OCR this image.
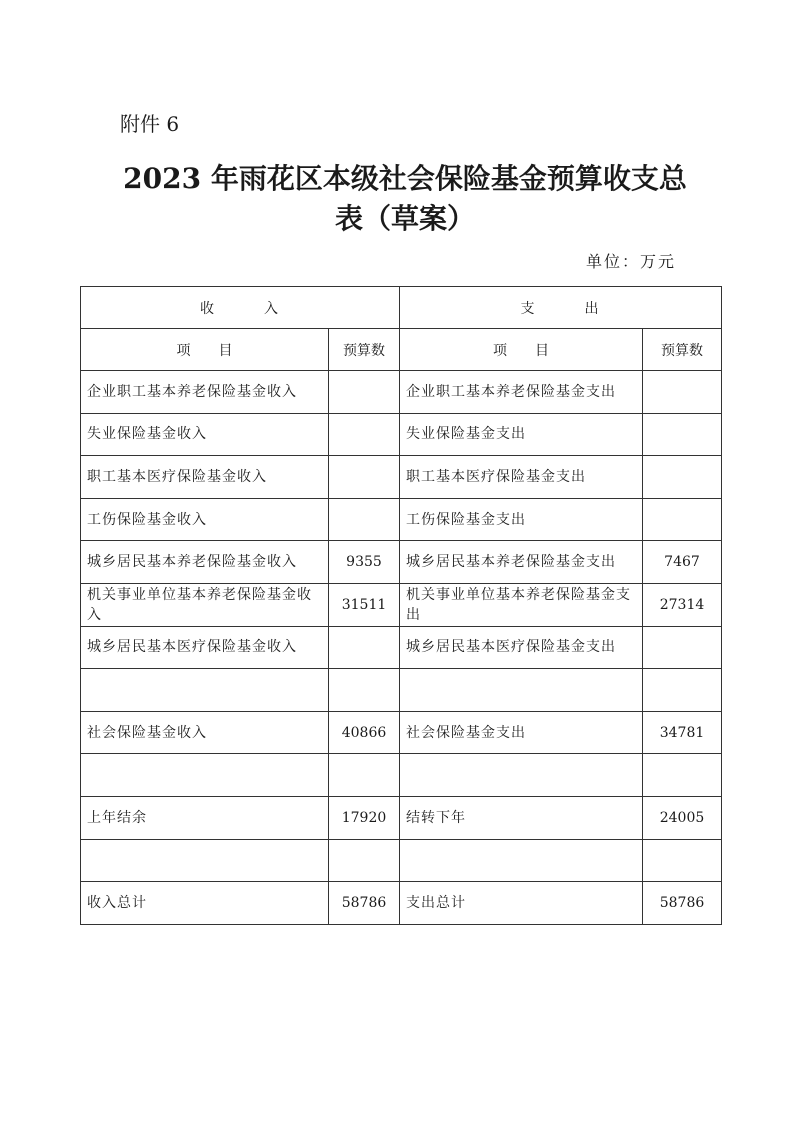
附件 6
2023 年雨花区本级社会保险基金预算收支总
表（草案）
单位：万元
收　　　入		支　　　出	
项　　目	预算数	项　　目	预算数
企业职工基本养老保险基金收入		企业职工基本养老保险基金支出	
失业保险基金收入		失业保险基金支出	
职工基本医疗保险基金收入		职工基本医疗保险基金支出	
工伤保险基金收入		工伤保险基金支出	
城乡居民基本养老保险基金收入	9355	城乡居民基本养老保险基金支出	7467
机关事业单位基本养老保险基金收入	31511	机关事业单位基本养老保险基金支出	27314
城乡居民基本医疗保险基金收入		城乡居民基本医疗保险基金支出	

社会保险基金收入	40866	社会保险基金支出	34781

上年结余	17920	结转下年	24005

收入总计	58786	支出总计	58786
